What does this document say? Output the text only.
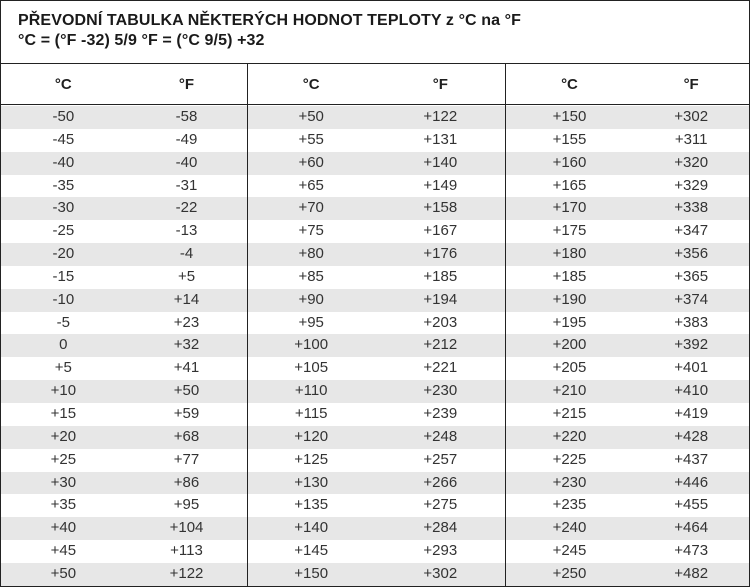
PŘEVODNÍ TABULKA NĚKTERÝCH HODNOT TEPLOTY z °C na °F
°C = (°F -32) 5/9 °F = (°C 9/5) +32
°C	°F	°C	°F	°C	°F
-50	-58	+50	+122	+150	+302
-45	-49	+55	+131	+155	+311
-40	-40	+60	+140	+160	+320
-35	-31	+65	+149	+165	+329
-30	-22	+70	+158	+170	+338
-25	-13	+75	+167	+175	+347
-20	-4	+80	+176	+180	+356
-15	+5	+85	+185	+185	+365
-10	+14	+90	+194	+190	+374
-5	+23	+95	+203	+195	+383
0	+32	+100	+212	+200	+392
+5	+41	+105	+221	+205	+401
+10	+50	+110	+230	+210	+410
+15	+59	+115	+239	+215	+419
+20	+68	+120	+248	+220	+428
+25	+77	+125	+257	+225	+437
+30	+86	+130	+266	+230	+446
+35	+95	+135	+275	+235	+455
+40	+104	+140	+284	+240	+464
+45	+113	+145	+293	+245	+473
+50	+122	+150	+302	+250	+482
